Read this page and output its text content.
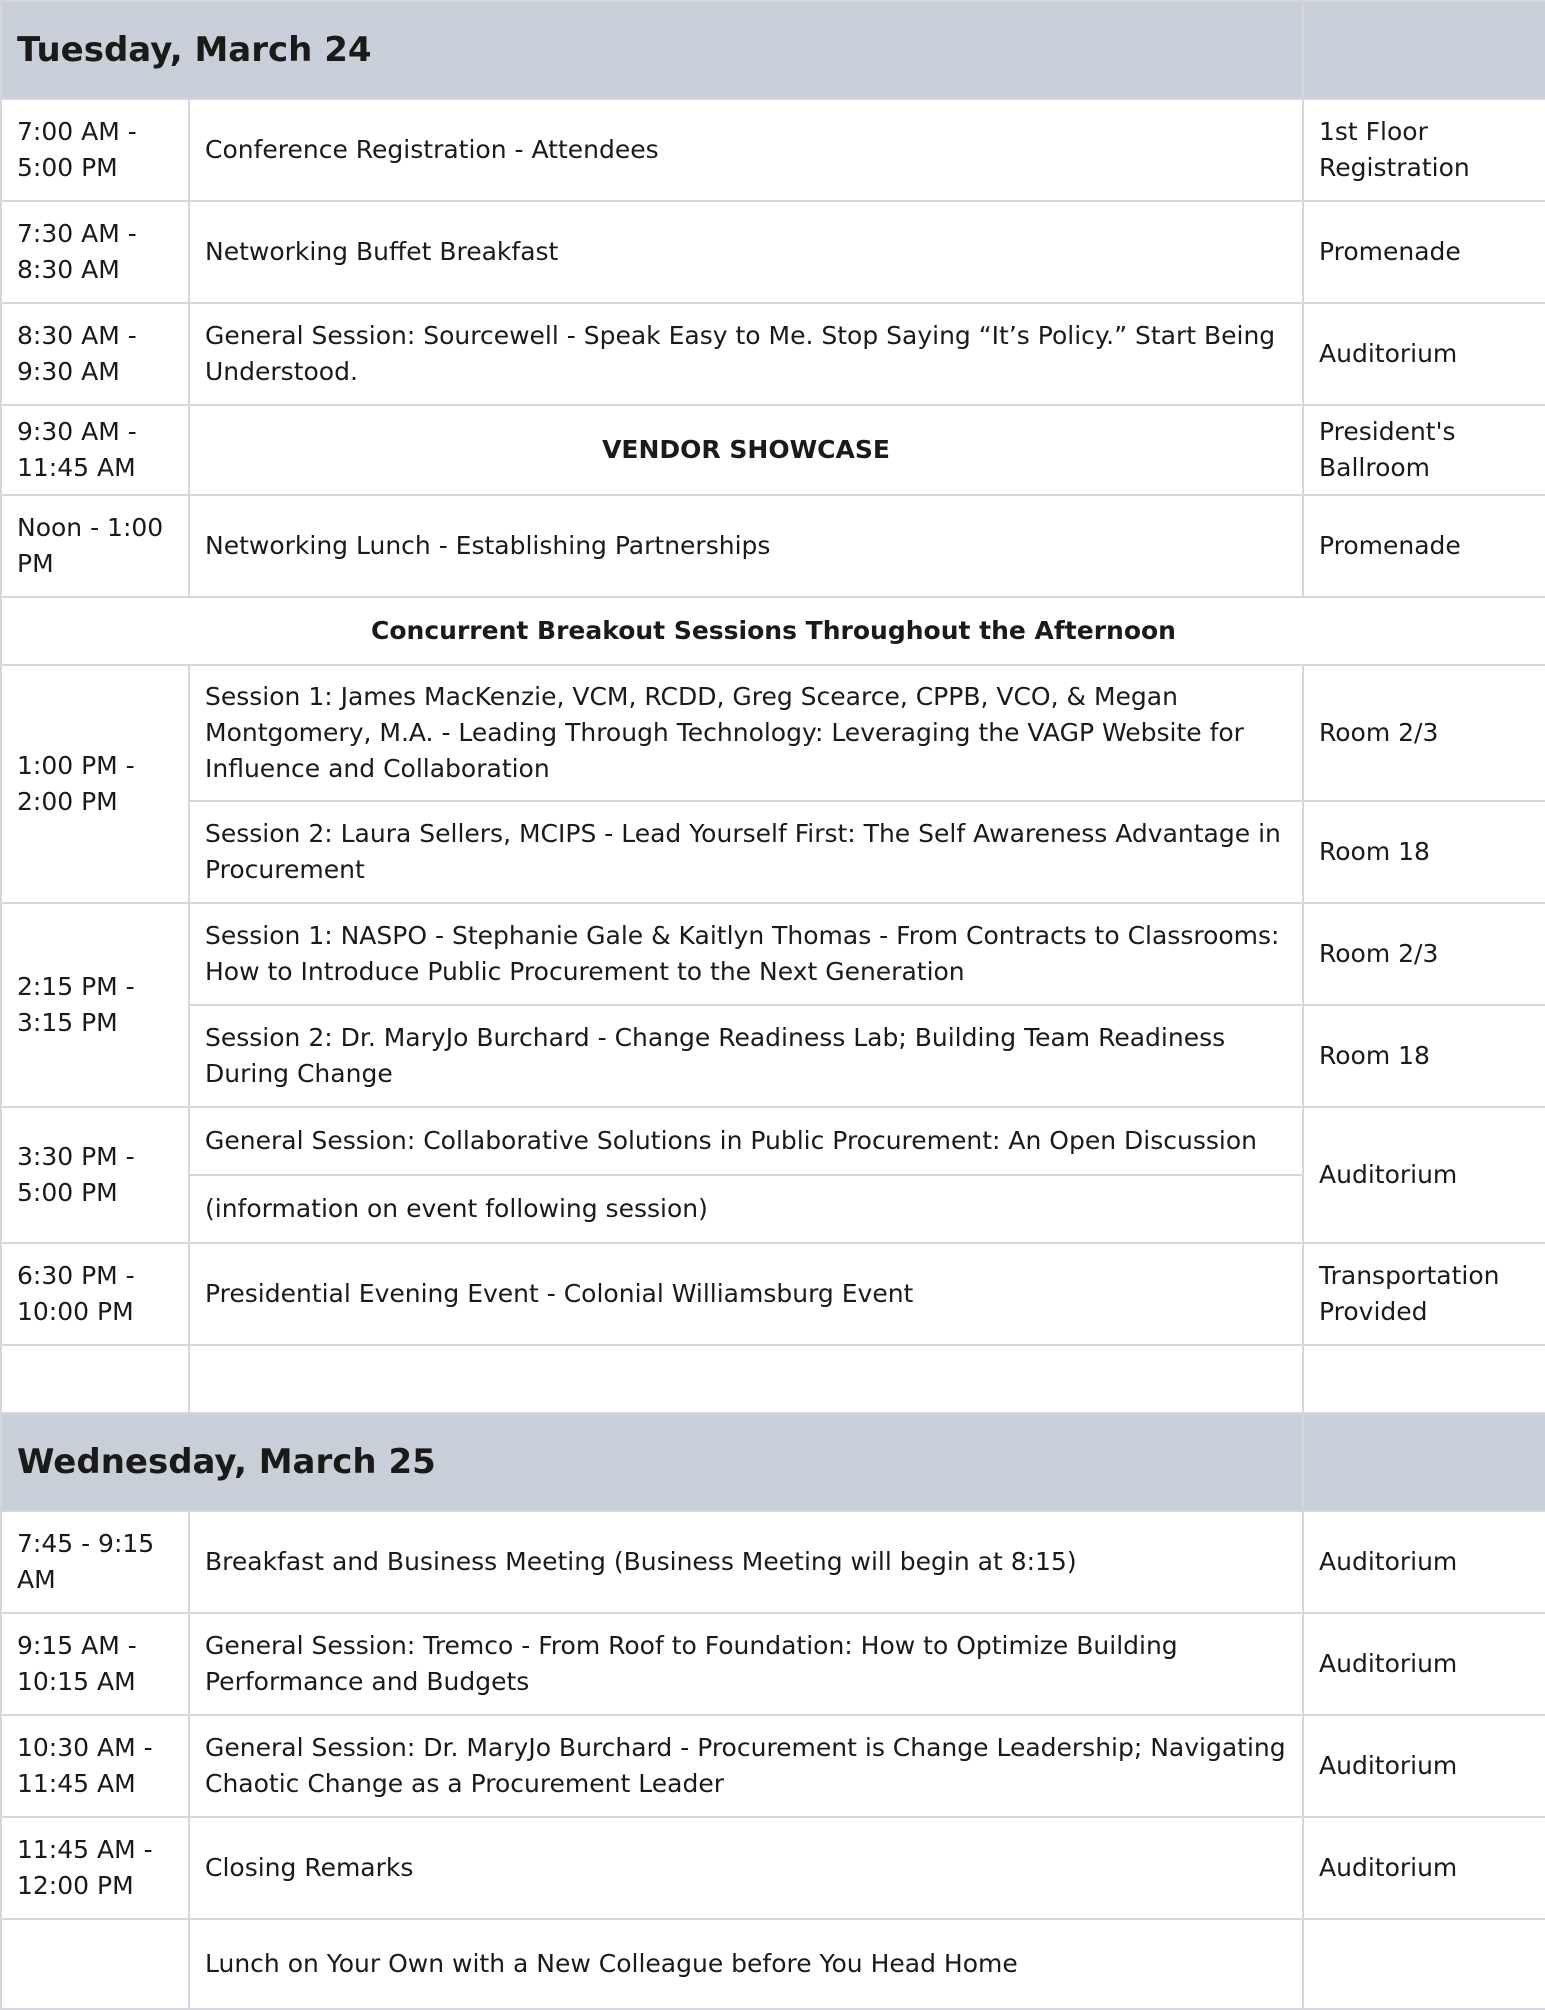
Tuesday, March 24		
7:00 AM - 5:00 PM	Conference Registration - Attendees	1st Floor Registration
7:30 AM - 8:30 AM	Networking Buffet Breakfast	Promenade
8:30 AM - 9:30 AM	General Session: Sourcewell - Speak Easy to Me. Stop Saying “It’s Policy.” Start Being Understood.	Auditorium
9:30 AM - 11:45 AM	VENDOR SHOWCASE	President's Ballroom
Noon - 1:00 PM	Networking Lunch - Establishing Partnerships	Promenade
Concurrent Breakout Sessions Throughout the Afternoon		
1:00 PM - 2:00 PM	Session 1: James MacKenzie, VCM, RCDD, Greg Scearce, CPPB, VCO, & Megan Montgomery, M.A. - Leading Through Technology: Leveraging the VAGP Website for Influence and Collaboration	Room 2/3
	Session 2: Laura Sellers, MCIPS - Lead Yourself First: The Self Awareness Advantage in Procurement	Room 18
2:15 PM - 3:15 PM	Session 1: NASPO - Stephanie Gale & Kaitlyn Thomas - From Contracts to Classrooms: How to Introduce Public Procurement to the Next Generation	Room 2/3
	Session 2: Dr. MaryJo Burchard - Change Readiness Lab; Building Team Readiness During Change	Room 18
3:30 PM - 5:00 PM	General Session: Collaborative Solutions in Public Procurement: An Open Discussion	Auditorium
	(information on event following session)	
6:30 PM - 10:00 PM	Presidential Evening Event - Colonial Williamsburg Event	Transportation Provided

Wednesday, March 25		
7:45 - 9:15 AM	Breakfast and Business Meeting (Business Meeting will begin at 8:15)	Auditorium
9:15 AM - 10:15 AM	General Session: Tremco - From Roof to Foundation: How to Optimize Building Performance and Budgets	Auditorium
10:30 AM - 11:45 AM	General Session: Dr. MaryJo Burchard - Procurement is Change Leadership; Navigating Chaotic Change as a Procurement Leader	Auditorium
11:45 AM - 12:00 PM	Closing Remarks	Auditorium
	Lunch on Your Own with a New Colleague before You Head Home	
